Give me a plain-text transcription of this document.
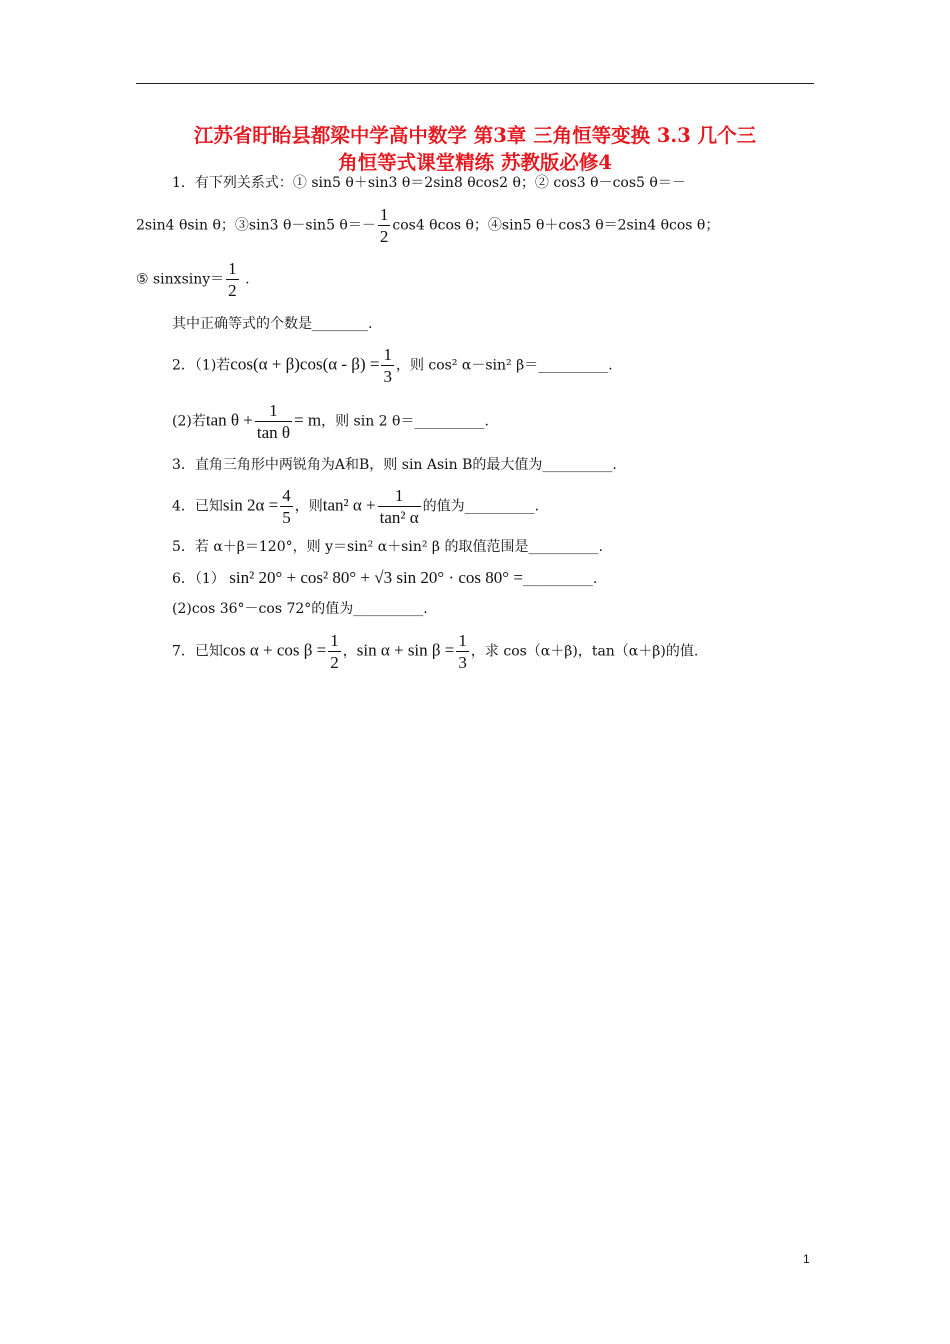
江苏省盱眙县都梁中学高中数学 第3章 三角恒等变换 3.3 几个三
角恒等式课堂精练 苏教版必修4
1．有下列关系式：① sin5 θ＋sin3 θ＝2sin8 θcos2 θ；② cos3 θ－cos5 θ＝－
2sin4 θsin θ；③sin3 θ－sin5 $\theta=- \frac{1}{2} \cos 4$ θcos θ；④sin5 θ＋cos3 θ＝2sin4 θcos θ；
⑤ sinxsiny＝ $\frac{1}{2}$ .
其中正确等式的个数是________.
2．（1)若$\cos(\alpha + \beta)\cos(\alpha - \beta) = \frac{1}{3}$ ，则 cos² α－sin² β＝__________.
(2)若$\tan \theta + \frac{1}{\text{tan θ}} = m$，则 sin 2 θ＝__________.
3．直角三角形中两锐角为A和B，则 sin Asin B的最大值为__________.
4．已知$\sin 2\alpha = \frac{4}{5}$ ，则tan² $\alpha + \frac{1}{\text{tan² α}}$ 的值为__________.
5．若 α＋β＝120°，则 y＝sin² α＋sin² β 的取值范围是__________.
6．（1） sin² 20° + cos² 80° + √3 sin 20° · cos 80° =__________.
(2)cos 36°－cos 72°的值为__________.
7．已知$\cos \alpha + \cos \beta = \frac{1}{2}$ ，$\sin \alpha + \sin \beta = \frac{1}{3}$ ，求 cos（α＋β)，tan（α＋β)的值.
1
